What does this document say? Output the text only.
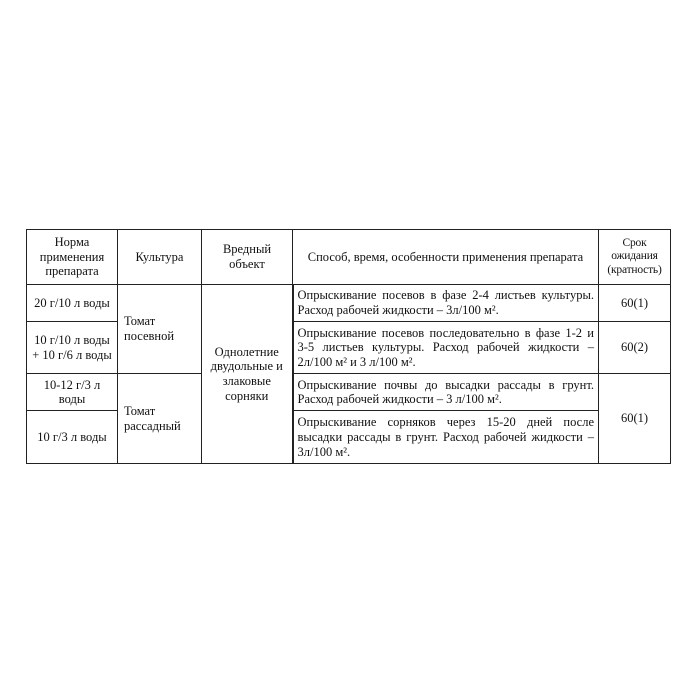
Норма применения препарата	Культура	Вредный объект	Способ, время, особенности применения препарата	Срок ожидания (кратность)
20 г/10 л воды	Томат посевной	Однолетние двудольные и злаковые сорняки	Опрыскивание посевов в фазе 2-4 листьев культуры. Расход рабочей жидкости – 3л/100 м².	60(1)
10 г/10 л воды + 10 г/6 л воды			Опрыскивание посевов последовательно в фазе 1-2 и 3-5 листьев культуры. Расход рабочей жидкости – 2л/100 м² и 3 л/100 м².	60(2)
10-12 г/3 л воды	Томат рассадный		Опрыскивание почвы до высадки рассады в грунт. Расход рабочей жидкости – 3 л/100 м².	60(1)
10 г/3 л воды			Опрыскивание сорняков через 15-20 дней после высадки рассады в грунт. Расход рабочей жидкости – 3л/100 м².	
